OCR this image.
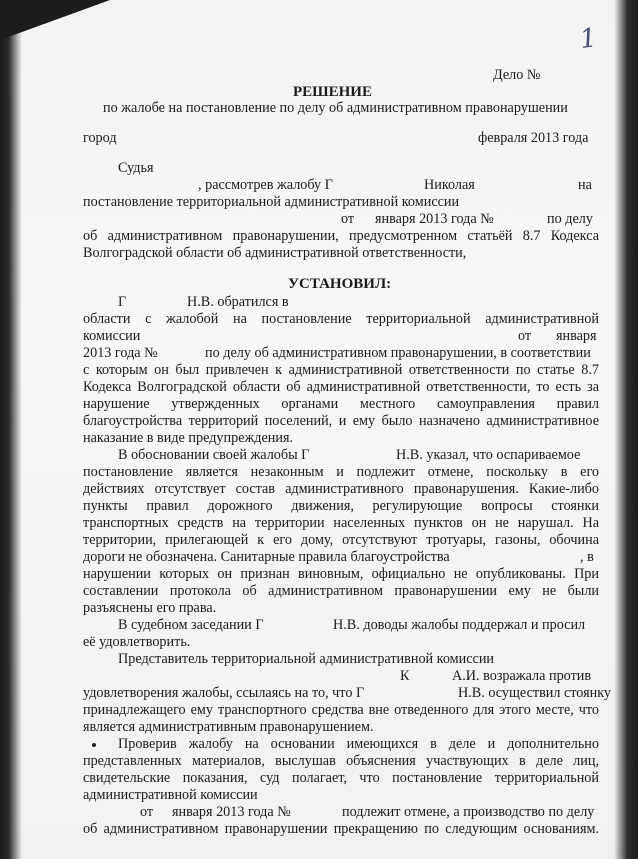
1
Дело №
РЕШЕНИЕ
по жалобе на постановление по делу об административном правонарушении
город	февраля 2013 года
Судья
, рассмотрев жалобу Г	Николая	на
постановление территориальной административной комиссии
от января 2013 года №	по делу
об административном правонарушении, предусмотренном статьёй 8.7 Кодекса
Волгоградской области об административной ответственности,
УСТАНОВИЛ:
Г	Н.В. обратился в
области с жалобой на постановление территориальной административной
комиссии	от января
2013 года №	по делу об административном правонарушении, в соответствии
с которым он был привлечен к административной ответственности по статье 8.7
Кодекса Волгоградской области об административной ответственности, то есть за
нарушение утвержденных органами местного самоуправления правил
благоустройства территорий поселений, и ему было назначено административное
наказание в виде предупреждения.
В обосновании своей жалобы Г	Н.В. указал, что оспариваемое
постановление является незаконным и подлежит отмене, поскольку в его
действиях отсутствует состав административного правонарушения. Какие-либо
пункты правил дорожного движения, регулирующие вопросы стоянки
транспортных средств на территории населенных пунктов он не нарушал. На
территории, прилегающей к его дому, отсутствуют тротуары, газоны, обочина
дороги не обозначена. Санитарные правила благоустройства	, в
нарушении которых он признан виновным, официально не опубликованы. При
составлении протокола об административном правонарушении ему не были
разъяснены его права.
В судебном заседании Г	Н.В. доводы жалобы поддержал и просил
её удовлетворить.
Представитель территориальной административной комиссии
К	А.И. возражала против
удовлетворения жалобы, ссылаясь на то, что Г	Н.В. осуществил стоянку
принадлежащего ему транспортного средства вне отведенного для этого месте, что
является административным правонарушением.
Проверив жалобу на основании имеющихся в деле и дополнительно
представленных материалов, выслушав объяснения участвующих в деле лиц,
свидетельские показания, суд полагает, что постановление территориальной
административной комиссии
от января 2013 года №	подлежит отмене, а производство по делу
об административном правонарушении прекращению по следующим основаниям.
